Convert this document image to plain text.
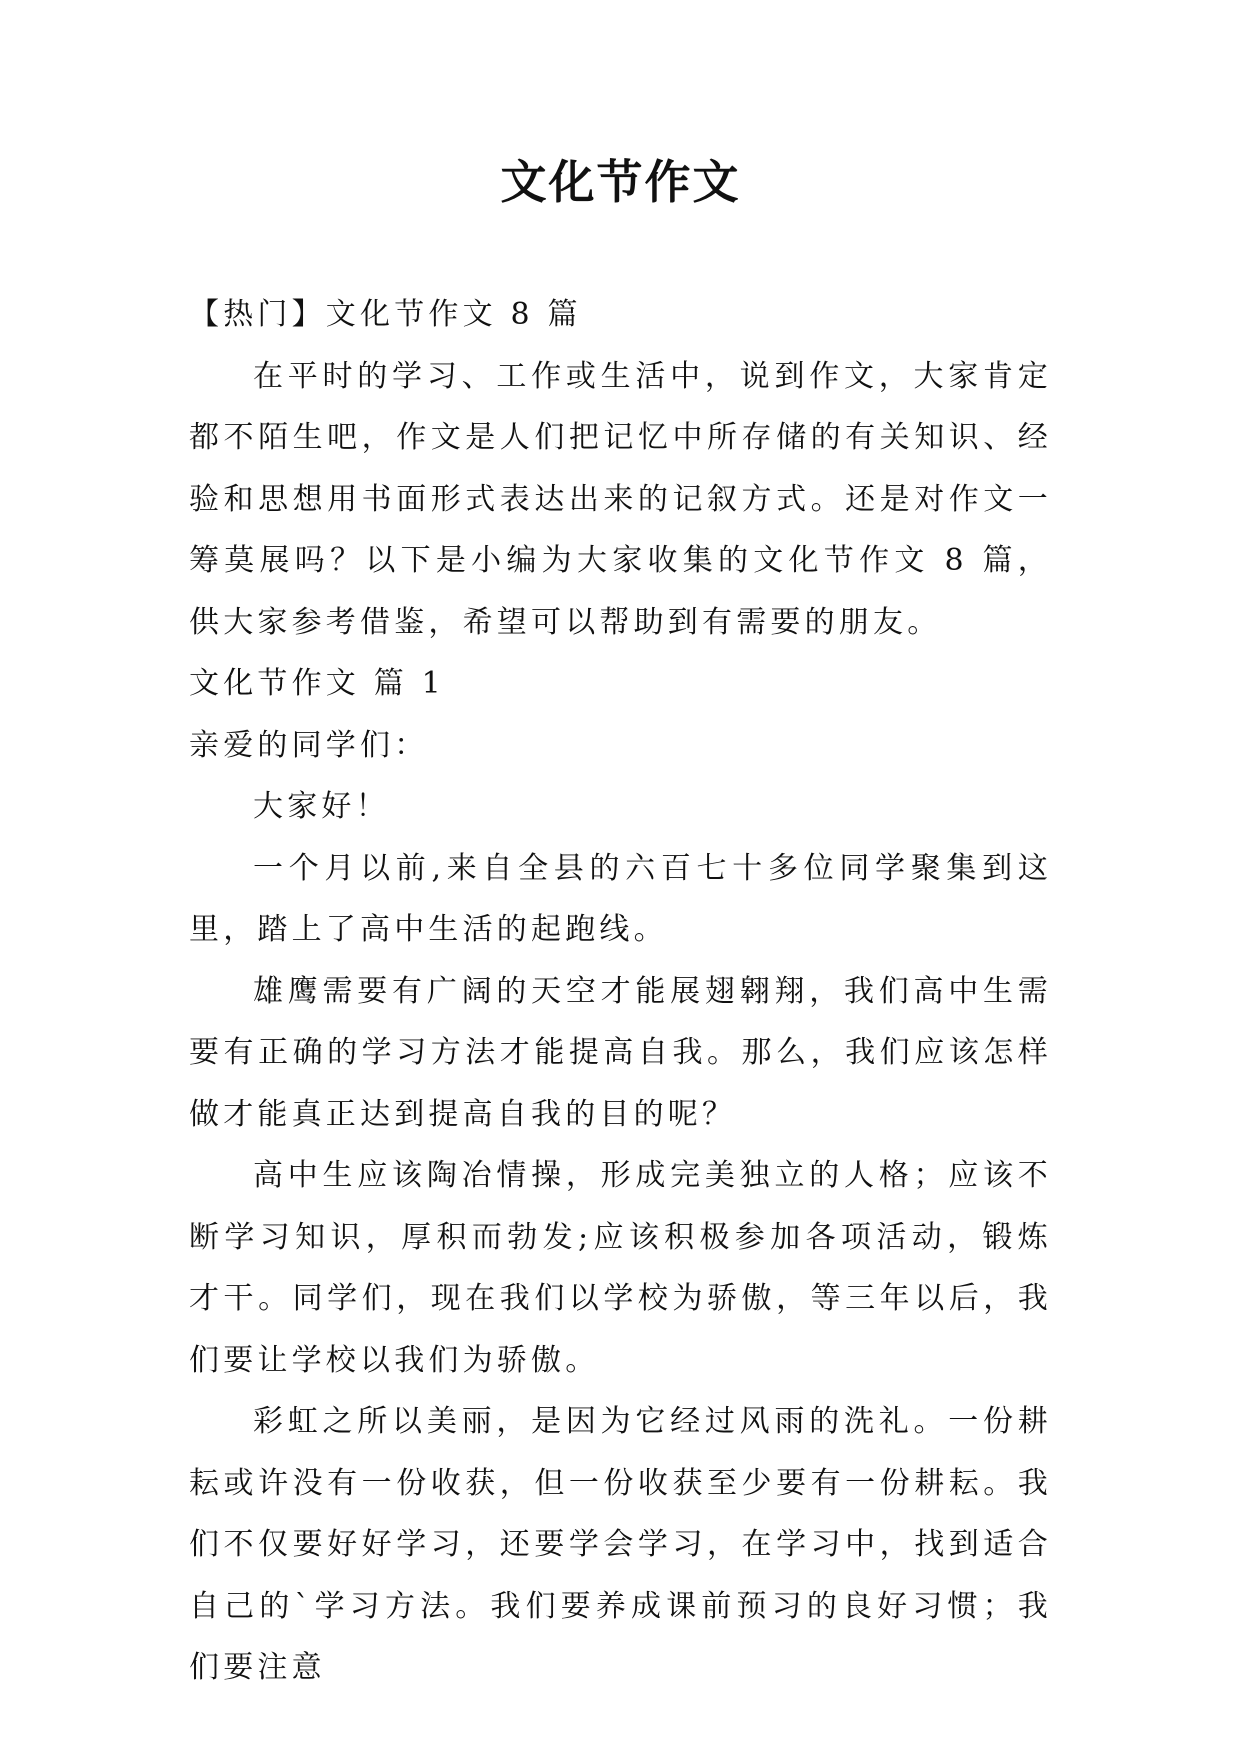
文化节作文

【热门】文化节作文 8 篇

在平时的学习、工作或生活中，说到作文，大家肯定都不陌生吧，作文是人们把记忆中所存储的有关知识、经验和思想用书面形式表达出来的记叙方式。还是对作文一筹莫展吗？以下是小编为大家收集的文化节作文 8 篇，供大家参考借鉴，希望可以帮助到有需要的朋友。

文化节作文 篇 1

亲爱的同学们：

大家好！

一个月以前,来自全县的六百七十多位同学聚集到这里，踏上了高中生活的起跑线。

雄鹰需要有广阔的天空才能展翅翱翔，我们高中生需要有正确的学习方法才能提高自我。那么，我们应该怎样做才能真正达到提高自我的目的呢？

高中生应该陶冶情操，形成完美独立的人格；应该不断学习知识，厚积而勃发;应该积极参加各项活动，锻炼才干。同学们，现在我们以学校为骄傲，等三年以后，我们要让学校以我们为骄傲。

彩虹之所以美丽，是因为它经过风雨的洗礼。一份耕耘或许没有一份收获，但一份收获至少要有一份耕耘。我们不仅要好好学习，还要学会学习，在学习中，找到适合自己的`学习方法。我们要养成课前预习的良好习惯；我们要注意
